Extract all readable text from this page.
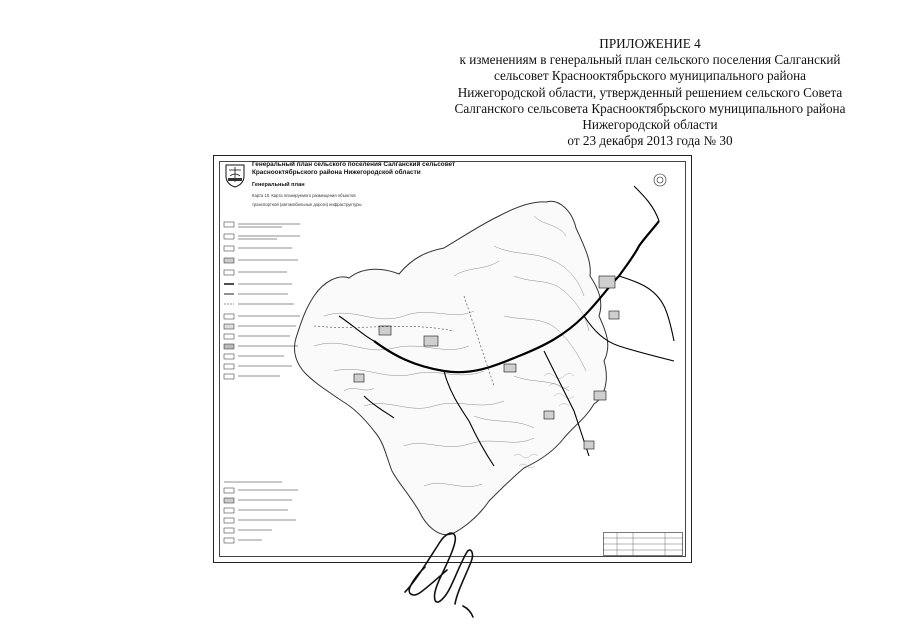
ПРИЛОЖЕНИЕ 4
к изменениям в генеральный план сельского поселения Салганский
сельсовет Краснооктябрьского муниципального района
Нижегородской области, утвержденный решением сельского Совета
Салганского сельсовета Краснооктябрьского муниципального района
Нижегородской области
от 23 декабря 2013 года № 30
Генеральный план сельского поселения Салганский сельсовет
Краснооктябрьского района Нижегородской области
Генеральный план
Карта 10. Карта планируемого размещения объектов
транспортной (автомобильные дороги) инфраструктуры
